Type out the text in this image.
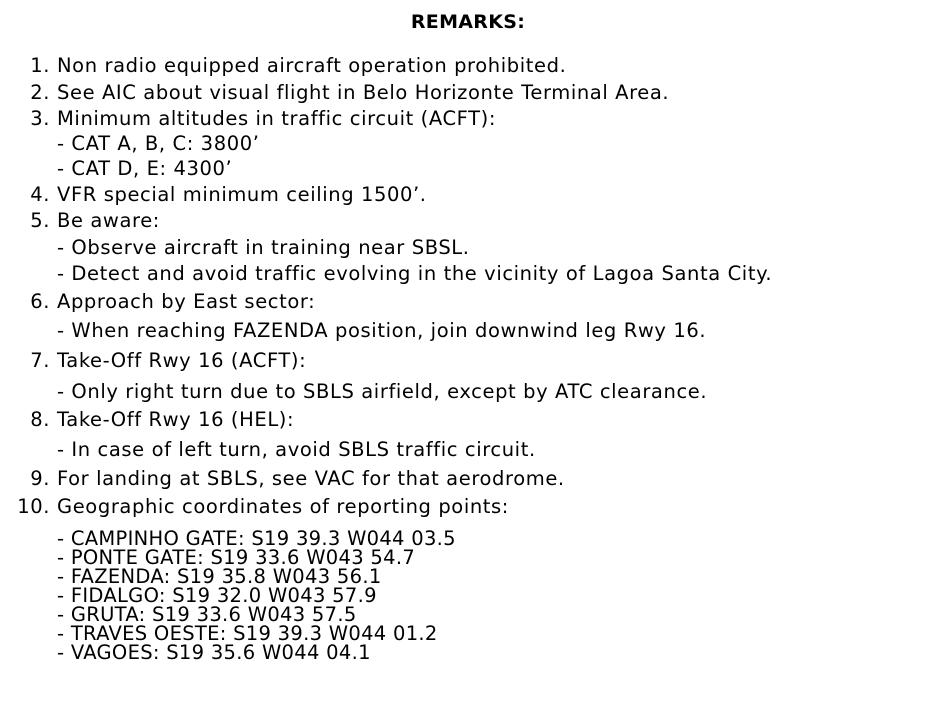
REMARKS:
1. Non radio equipped aircraft operation prohibited.
2. See AIC about visual flight in Belo Horizonte Terminal Area.
3. Minimum altitudes in traffic circuit (ACFT):
- CAT A, B, C: 3800’
- CAT D, E: 4300’
4. VFR special minimum ceiling 1500’.
5. Be aware:
- Observe aircraft in training near SBSL.
- Detect and avoid traffic evolving in the vicinity of Lagoa Santa City.
6. Approach by East sector:
- When reaching FAZENDA position, join downwind leg Rwy 16.
7. Take-Off Rwy 16 (ACFT):
- Only right turn due to SBLS airfield, except by ATC clearance.
8. Take-Off Rwy 16 (HEL):
- In case of left turn, avoid SBLS traffic circuit.
9. For landing at SBLS, see VAC for that aerodrome.
10. Geographic coordinates of reporting points:
- CAMPINHO GATE: S19 39.3 W044 03.5
- PONTE GATE: S19 33.6 W043 54.7
- FAZENDA: S19 35.8 W043 56.1
- FIDALGO: S19 32.0 W043 57.9
- GRUTA: S19 33.6 W043 57.5
- TRAVES OESTE: S19 39.3 W044 01.2
- VAGOES: S19 35.6 W044 04.1
